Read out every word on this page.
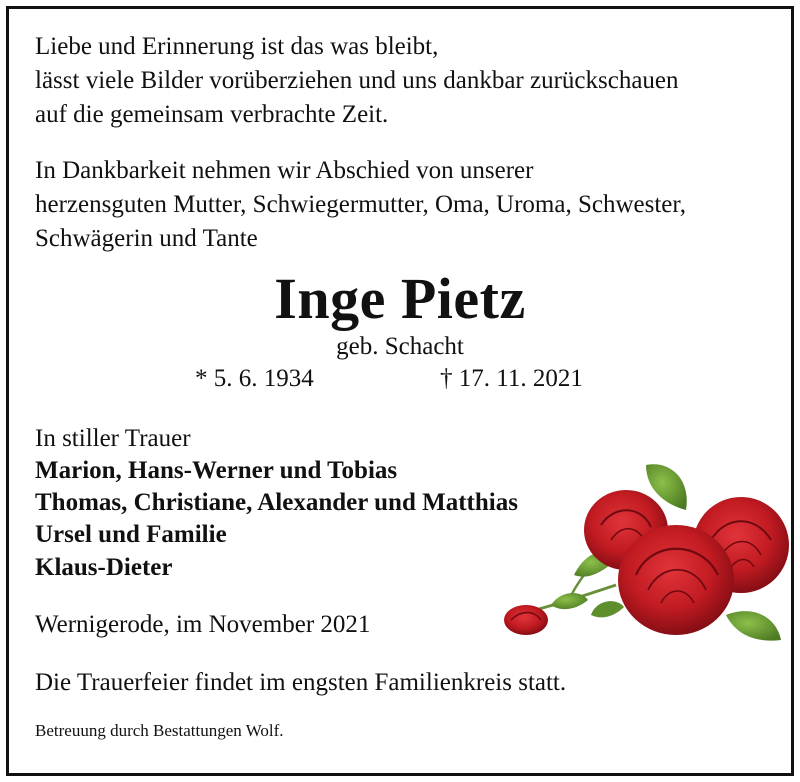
Liebe und Erinnerung ist das was bleibt,
lässt viele Bilder vorüberziehen und uns dankbar zurückschauen
auf die gemeinsam verbrachte Zeit.
In Dankbarkeit nehmen wir Abschied von unserer
herzensguten Mutter, Schwiegermutter, Oma, Uroma, Schwester,
Schwägerin und Tante
Inge Pietz
geb. Schacht
* 5. 6. 1934	† 17. 11. 2021
In stiller Trauer
Marion, Hans-Werner und Tobias
Thomas, Christiane, Alexander und Matthias
Ursel und Familie
Klaus-Dieter
Wernigerode, im November 2021
Die Trauerfeier findet im engsten Familienkreis statt.
Betreuung durch Bestattungen Wolf.
